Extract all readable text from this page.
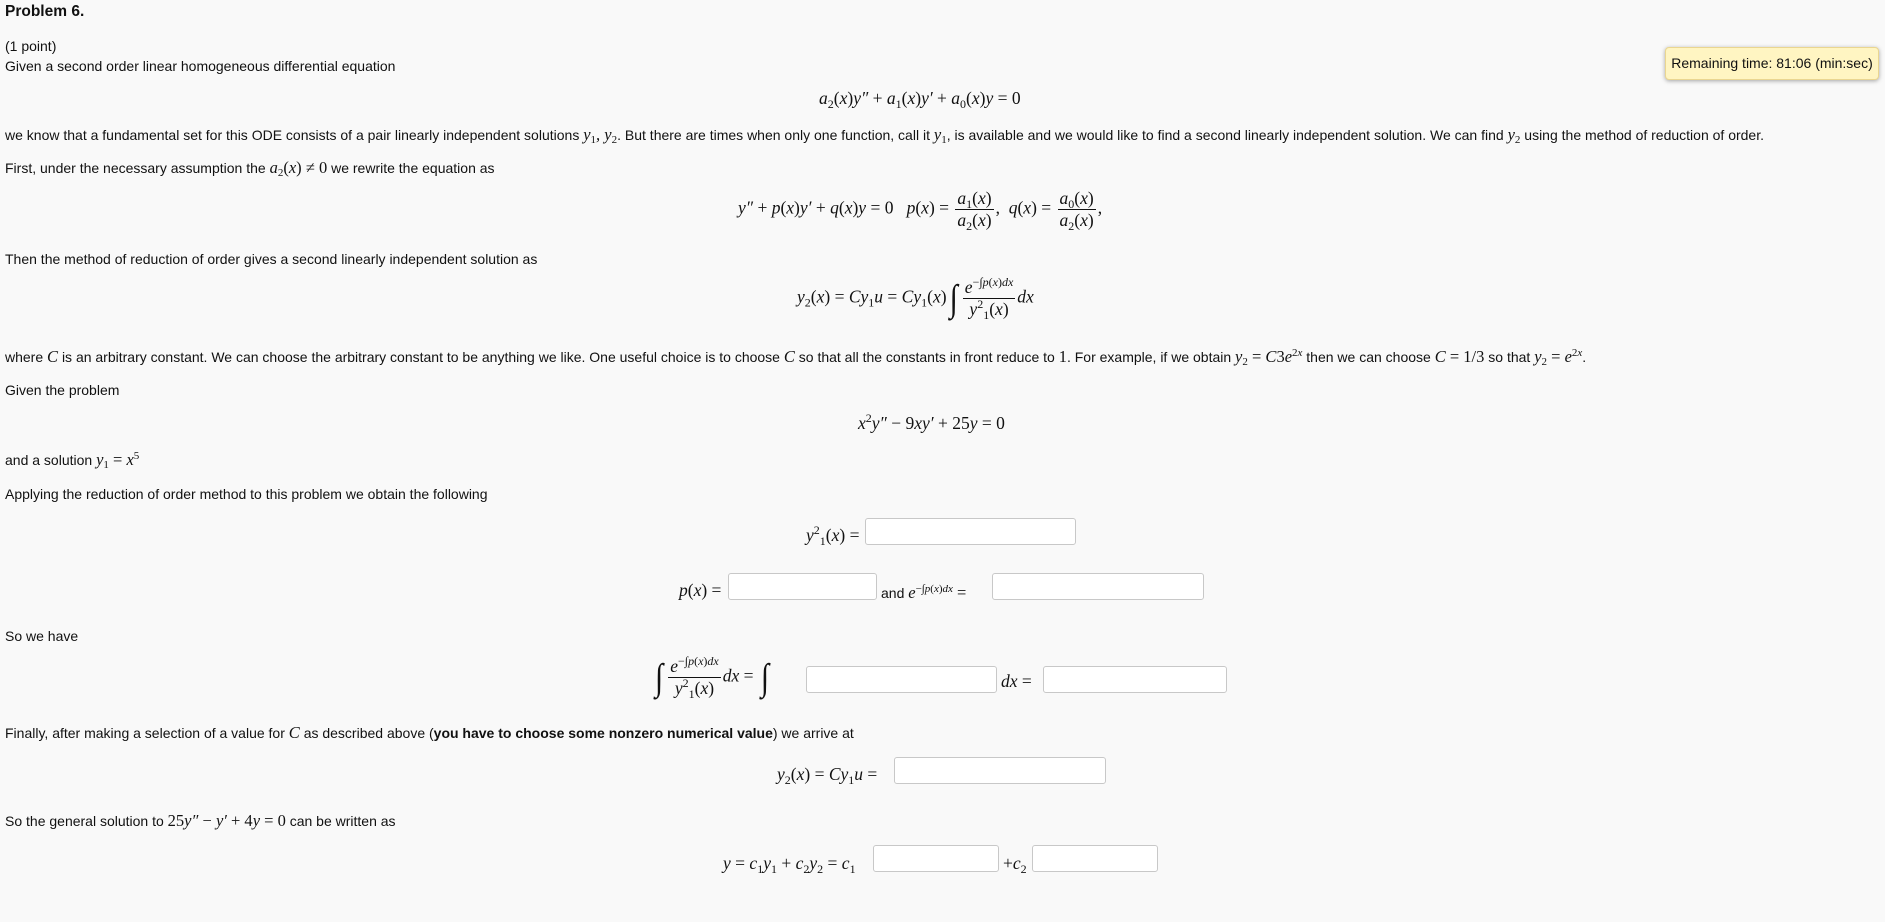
Problem 6.
(1 point)
Remaining time: 81:06 (min:sec)
Given a second order linear homogeneous differential equation
$a_2(x)y'' + a_1(x)y' + a_0(x)y = 0$
we know that a fundamental set for this ODE consists of a pair linearly independent solutions $y_1$, $y_2$. But there are times when only one function, call it $y_1$, is available and we would like to find a second linearly independent solution. We can find $y_2$ using the method of reduction of order.
First, under the necessary assumption the $a_2(x) \ne 0$ we rewrite the equation as
y″ + p(x)y′ + q(x)y = 0   $p(x) = \frac{a_1(x)}{a_2(x)}$ ,  $q(x) = \frac{a_0(x)}{a_2(x)}$ ,
Then the method of reduction of order gives a second linearly independent solution as
$y_2(x) = Cy_1u = Cy_1(x)$ ∫ $\frac{e^{-\int p(x)dx}}{y^2_1(x)}$ dx
where C is an arbitrary constant. We can choose the arbitrary constant to be anything we like. One useful choice is to choose C so that all the constants in front reduce to 1. For example, if we obtain $y_2 = C3e^{2x}$ then we can choose C = 1/3 so that $y_2 = e^{2x}$.
Given the problem
$x^2y'' - 9xy' + 25y = 0$
and a solution $y_1 = x^5$
Applying the reduction of order method to this problem we obtain the following
$y^2_1(x)$ =
p(x) =	and $e^{-\int p(x)dx}$ =
So we have
∫ $\frac{e^{-\int p(x)dx}}{y^2_1(x)}$ dx = ∫	dx =
Finally, after making a selection of a value for C as described above (you have to choose some nonzero numerical value) we arrive at
$y_2(x) = Cy_1u$ =
So the general solution to 25y″ − y′ + 4y = 0 can be written as
$y = c_1y_1 + c_2y_2 = c_1$	$+c_2$
